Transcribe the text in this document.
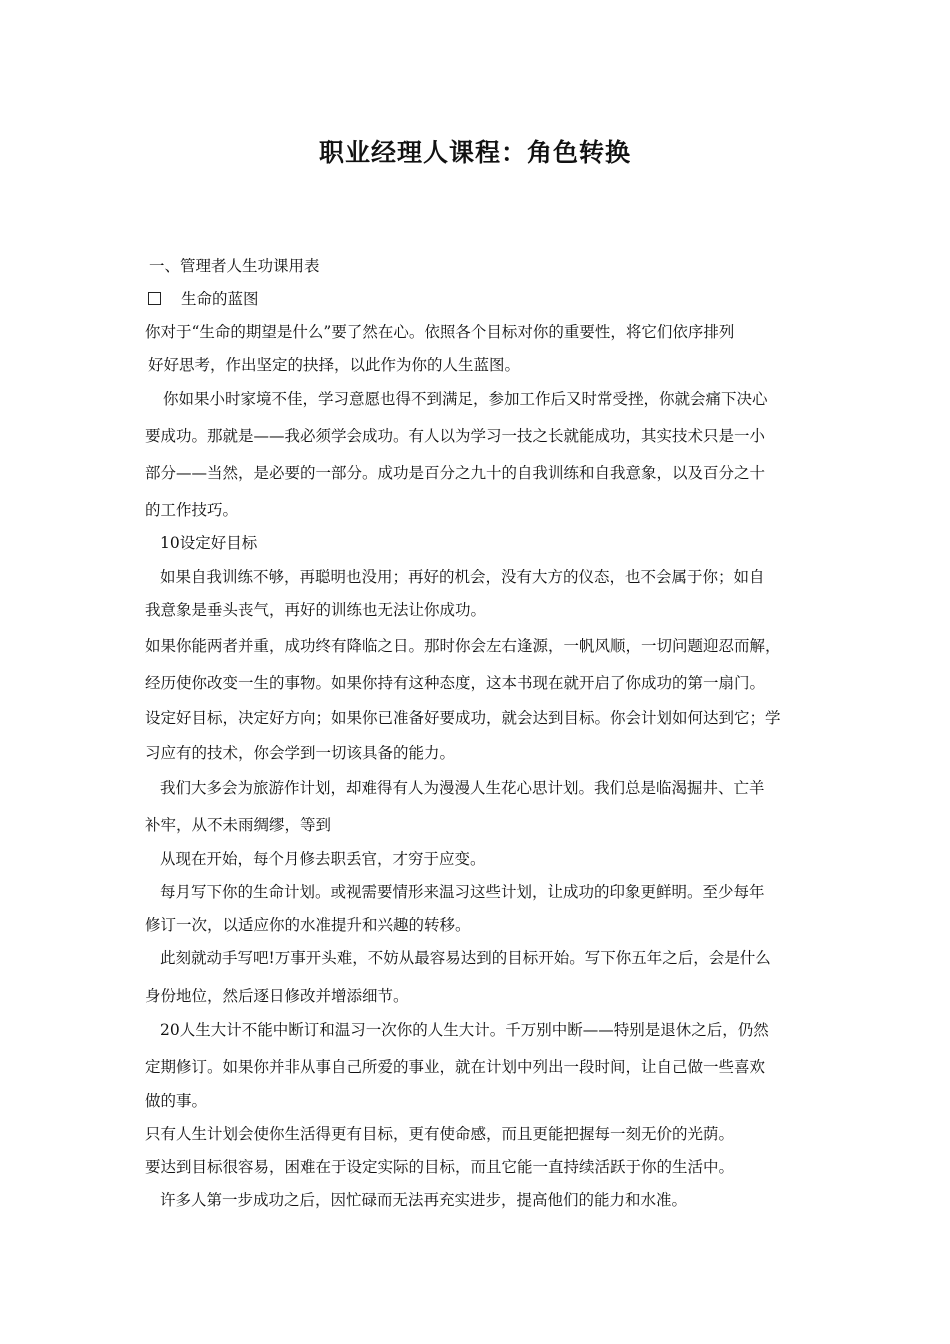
职业经理人课程：角色转换
一、管理者人生功课用表
生命的蓝图
你对于“生命的期望是什么”要了然在心。依照各个目标对你的重要性，将它们依序排列
好好思考，作出坚定的抉择，以此作为你的人生蓝图。
你如果小时家境不佳，学习意愿也得不到满足，参加工作后又时常受挫，你就会痛下决心
要成功。那就是——我必须学会成功。有人以为学习一技之长就能成功，其实技术只是一小
部分——当然，是必要的一部分。成功是百分之九十的自我训练和自我意象，以及百分之十
的工作技巧。
10设定好目标
如果自我训练不够，再聪明也没用；再好的机会，没有大方的仪态，也不会属于你；如自
我意象是垂头丧气，再好的训练也无法让你成功。
如果你能两者并重，成功终有降临之日。那时你会左右逢源，一帆风顺，一切问题迎忍而解，
经历使你改变一生的事物。如果你持有这种态度，这本书现在就开启了你成功的第一扇门。
设定好目标，决定好方向；如果你已准备好要成功，就会达到目标。你会计划如何达到它；学
习应有的技术，你会学到一切该具备的能力。
我们大多会为旅游作计划，却难得有人为漫漫人生花心思计划。我们总是临渴掘井、亡羊
补牢，从不未雨绸缪，等到
从现在开始，每个月修去职丢官，才穷于应变。
每月写下你的生命计划。或视需要情形来温习这些计划，让成功的印象更鲜明。至少每年
修订一次，以适应你的水准提升和兴趣的转移。
此刻就动手写吧!万事开头难，不妨从最容易达到的目标开始。写下你五年之后，会是什么
身份地位，然后逐日修改并增添细节。
20人生大计不能中断订和温习一次你的人生大计。千万别中断——特别是退休之后，仍然
定期修订。如果你并非从事自己所爱的事业，就在计划中列出一段时间，让自己做一些喜欢
做的事。
只有人生计划会使你生活得更有目标，更有使命感，而且更能把握每一刻无价的光荫。
要达到目标很容易，困难在于设定实际的目标，而且它能一直持续活跃于你的生活中。
许多人第一步成功之后，因忙碌而无法再充实进步，提高他们的能力和水准。
